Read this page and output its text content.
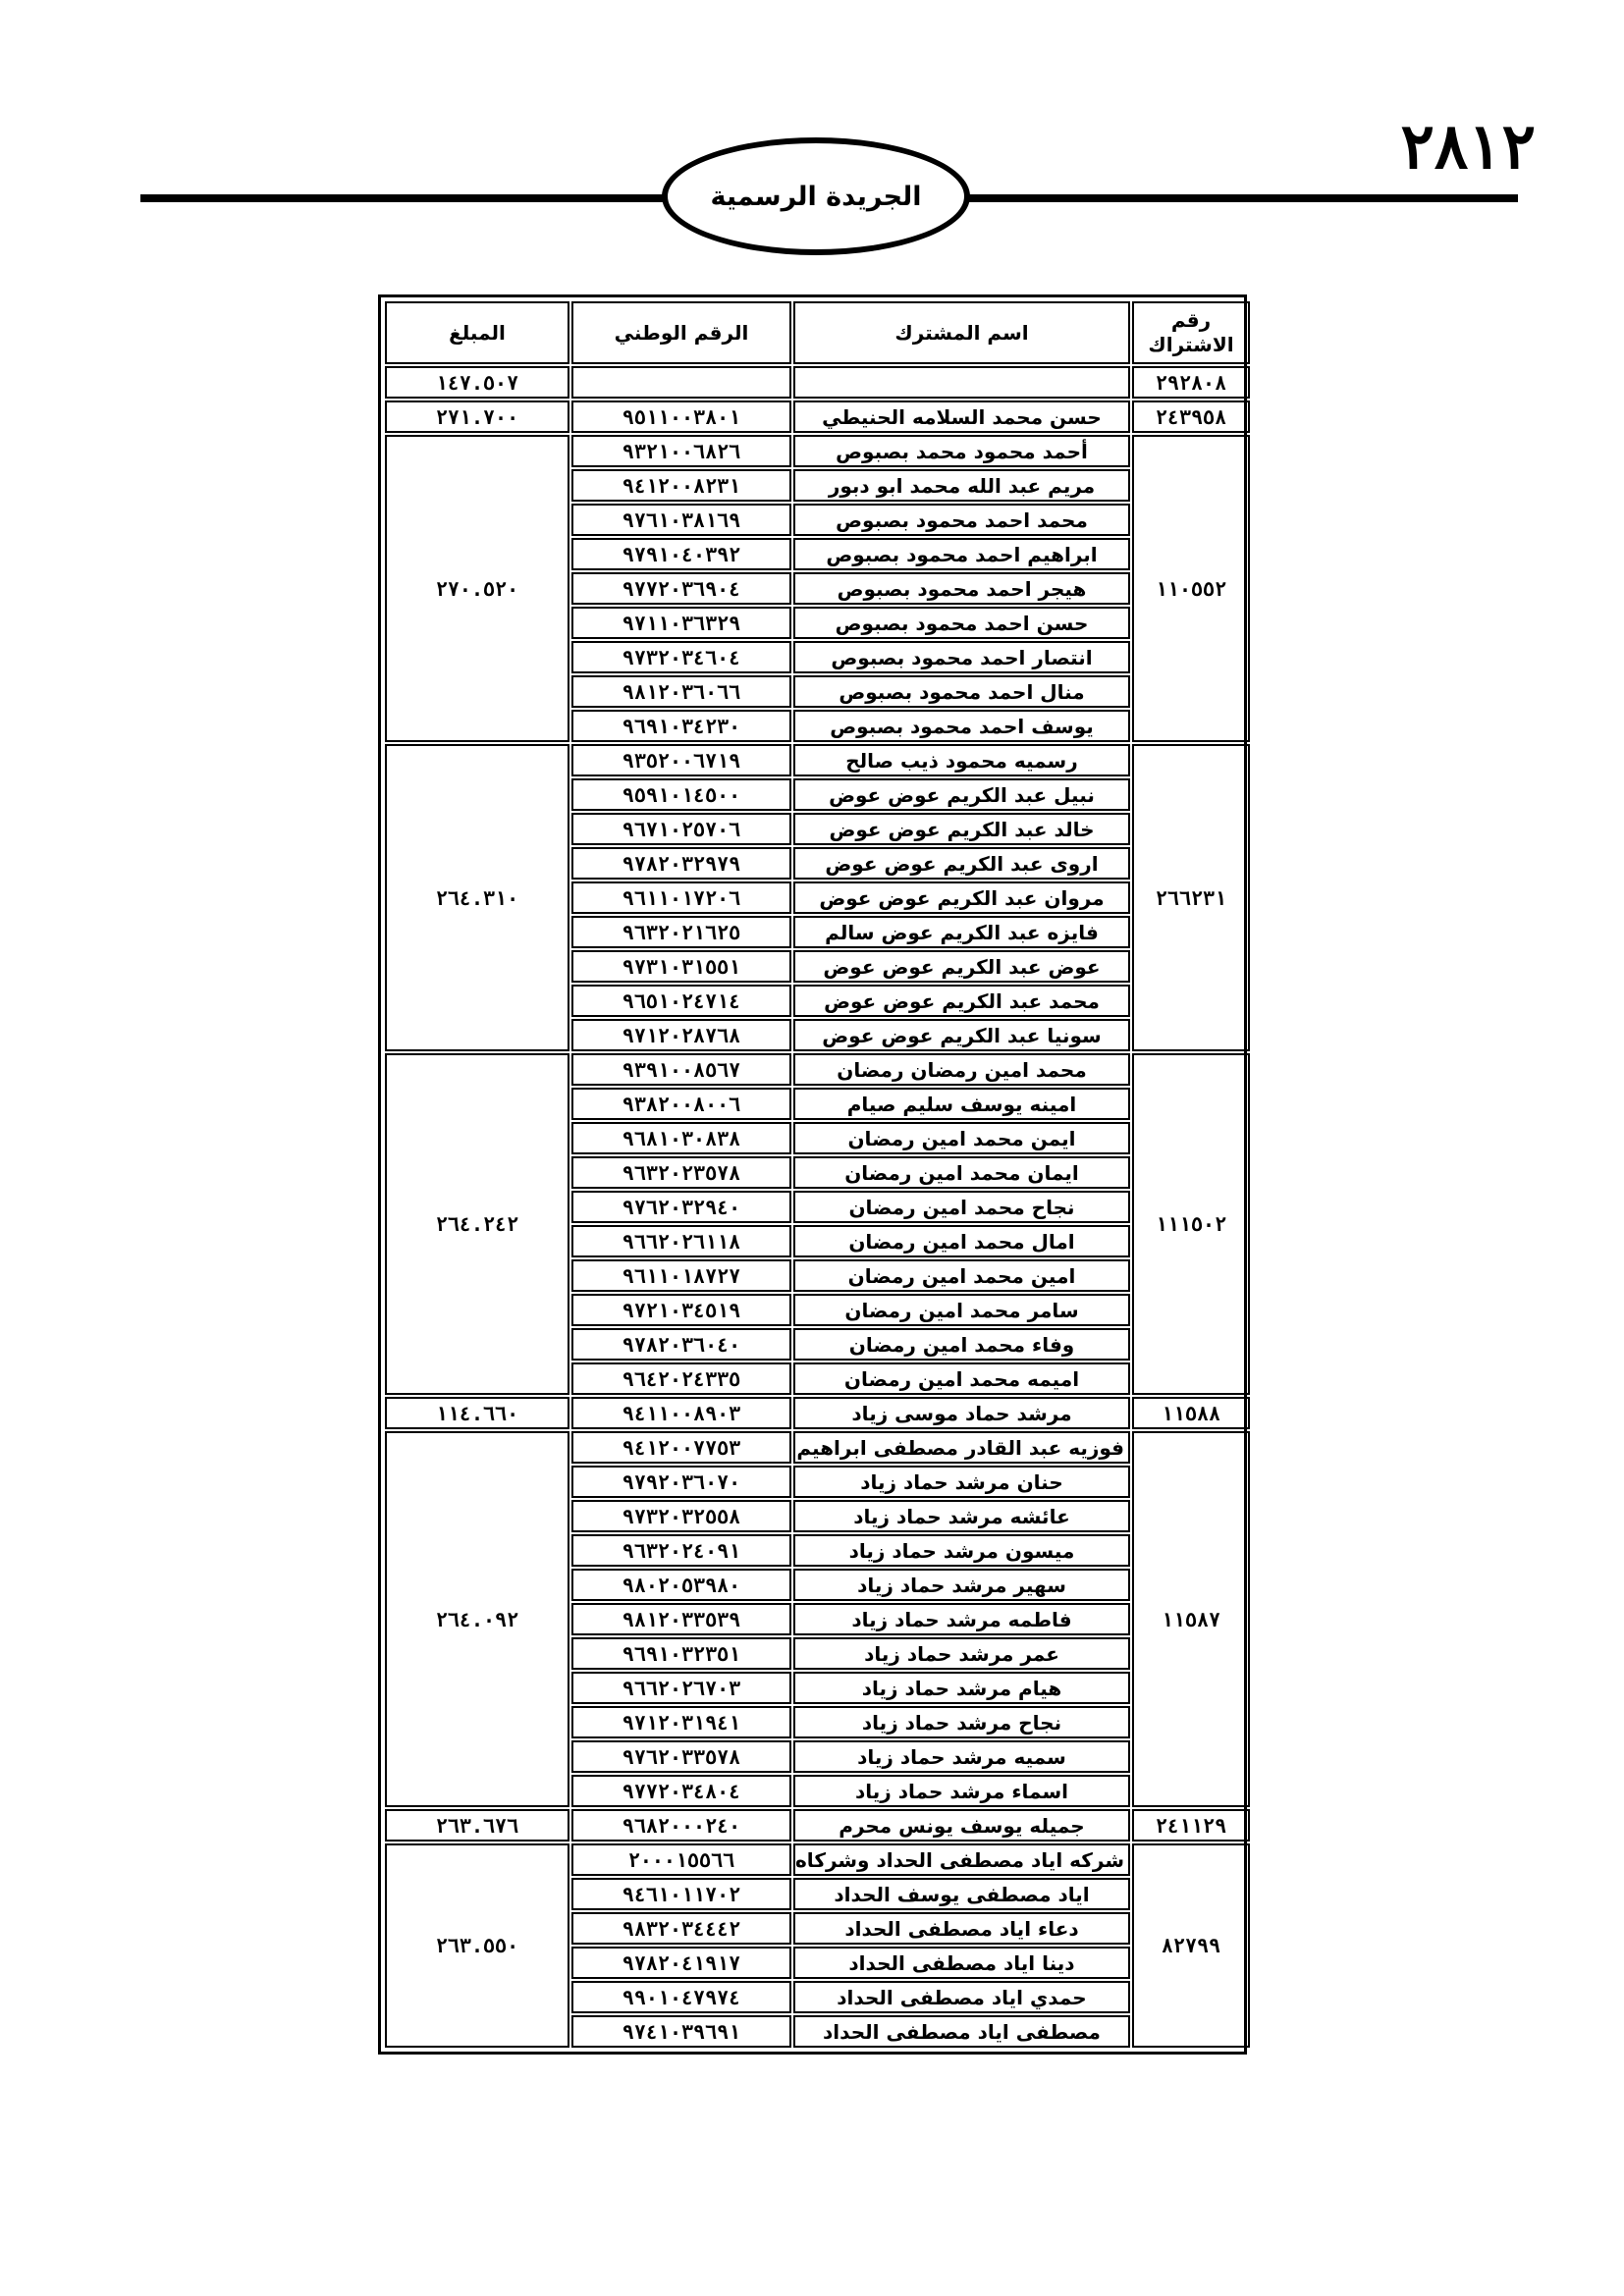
٢٨١٢
الجريدة الرسمية
رقم الاشتراك	اسم المشترك	الرقم الوطني	المبلغ
٢٩٢٨٠٨			١٤٧.٥٠٧
٢٤٣٩٥٨	حسن محمد السلامه الحنيطي	٩٥١١٠٠٣٨٠١	٢٧١.٧٠٠
١١٠٥٥٢	أحمد محمود محمد بصبوص	٩٣٢١٠٠٦٨٢٦	٢٧٠.٥٢٠
	مريم عبد الله محمد ابو دبور	٩٤١٢٠٠٨٢٣١	
	محمد احمد محمود بصبوص	٩٧٦١٠٣٨١٦٩	
	ابراهيم احمد محمود بصبوص	٩٧٩١٠٤٠٣٩٢	
	هيجر احمد محمود بصبوص	٩٧٧٢٠٣٦٩٠٤	
	حسن احمد محمود بصبوص	٩٧١١٠٣٦٣٢٩	
	انتصار احمد محمود بصبوص	٩٧٣٢٠٣٤٦٠٤	
	منال احمد محمود بصبوص	٩٨١٢٠٣٦٠٦٦	
	يوسف احمد محمود بصبوص	٩٦٩١٠٣٤٢٣٠	
٢٦٦٢٣١	رسميه محمود ذيب صالح	٩٣٥٢٠٠٦٧١٩	٢٦٤.٣١٠
	نبيل عبد الكريم عوض عوض	٩٥٩١٠١٤٥٠٠	
	خالد عبد الكريم عوض عوض	٩٦٧١٠٢٥٧٠٦	
	اروى عبد الكريم عوض عوض	٩٧٨٢٠٣٢٩٧٩	
	مروان عبد الكريم عوض عوض	٩٦١١٠١٧٢٠٦	
	فايزه عبد الكريم عوض سالم	٩٦٣٢٠٢١٦٢٥	
	عوض عبد الكريم عوض عوض	٩٧٣١٠٣١٥٥١	
	محمد عبد الكريم عوض عوض	٩٦٥١٠٢٤٧١٤	
	سونيا عبد الكريم عوض عوض	٩٧١٢٠٢٨٧٦٨	
١١١٥٠٢	محمد امين رمضان رمضان	٩٣٩١٠٠٨٥٦٧	٢٦٤.٢٤٢
	امينه يوسف سليم صيام	٩٣٨٢٠٠٨٠٠٦	
	ايمن محمد امين رمضان	٩٦٨١٠٣٠٨٣٨	
	ايمان محمد امين رمضان	٩٦٣٢٠٢٣٥٧٨	
	نجاح محمد امين رمضان	٩٧٦٢٠٣٢٩٤٠	
	امال محمد امين رمضان	٩٦٦٢٠٢٦١١٨	
	امين محمد امين رمضان	٩٦١١٠١٨٧٢٧	
	سامر محمد امين رمضان	٩٧٢١٠٣٤٥١٩	
	وفاء محمد امين رمضان	٩٧٨٢٠٣٦٠٤٠	
	اميمه محمد امين رمضان	٩٦٤٢٠٢٤٣٣٥	
١١٥٨٨	مرشد حماد موسى زياد	٩٤١١٠٠٨٩٠٣	١١٤.٦٦٠
١١٥٨٧	فوزيه عبد القادر مصطفى ابراهيم	٩٤١٢٠٠٧٧٥٣	٢٦٤.٠٩٢
	حنان مرشد حماد زياد	٩٧٩٢٠٣٦٠٧٠	
	عائشه مرشد حماد زياد	٩٧٣٢٠٣٢٥٥٨	
	ميسون مرشد حماد زياد	٩٦٣٢٠٢٤٠٩١	
	سهير مرشد حماد زياد	٩٨٠٢٠٥٣٩٨٠	
	فاطمه مرشد حماد زياد	٩٨١٢٠٣٣٥٣٩	
	عمر مرشد حماد زياد	٩٦٩١٠٣٢٣٥١	
	هيام مرشد حماد زياد	٩٦٦٢٠٢٦٧٠٣	
	نجاح مرشد حماد زياد	٩٧١٢٠٣١٩٤١	
	سميه مرشد حماد زياد	٩٧٦٢٠٣٣٥٧٨	
	اسماء مرشد حماد زياد	٩٧٧٢٠٣٤٨٠٤	
٢٤١١٢٩	جميله يوسف يونس محرم	٩٦٨٢٠٠٠٢٤٠	٢٦٣.٦٧٦
٨٢٧٩٩	شركه اياد مصطفى الحداد وشركاه	٢٠٠٠١٥٥٦٦	٢٦٣.٥٥٠
	اياد مصطفى يوسف الحداد	٩٤٦١٠١١٧٠٢	
	دعاء اياد مصطفى الحداد	٩٨٣٢٠٣٤٤٤٢	
	دينا اياد مصطفى الحداد	٩٧٨٢٠٤١٩١٧	
	حمدي اياد مصطفى الحداد	٩٩٠١٠٤٧٩٧٤	
	مصطفى اياد مصطفى الحداد	٩٧٤١٠٣٩٦٩١	
